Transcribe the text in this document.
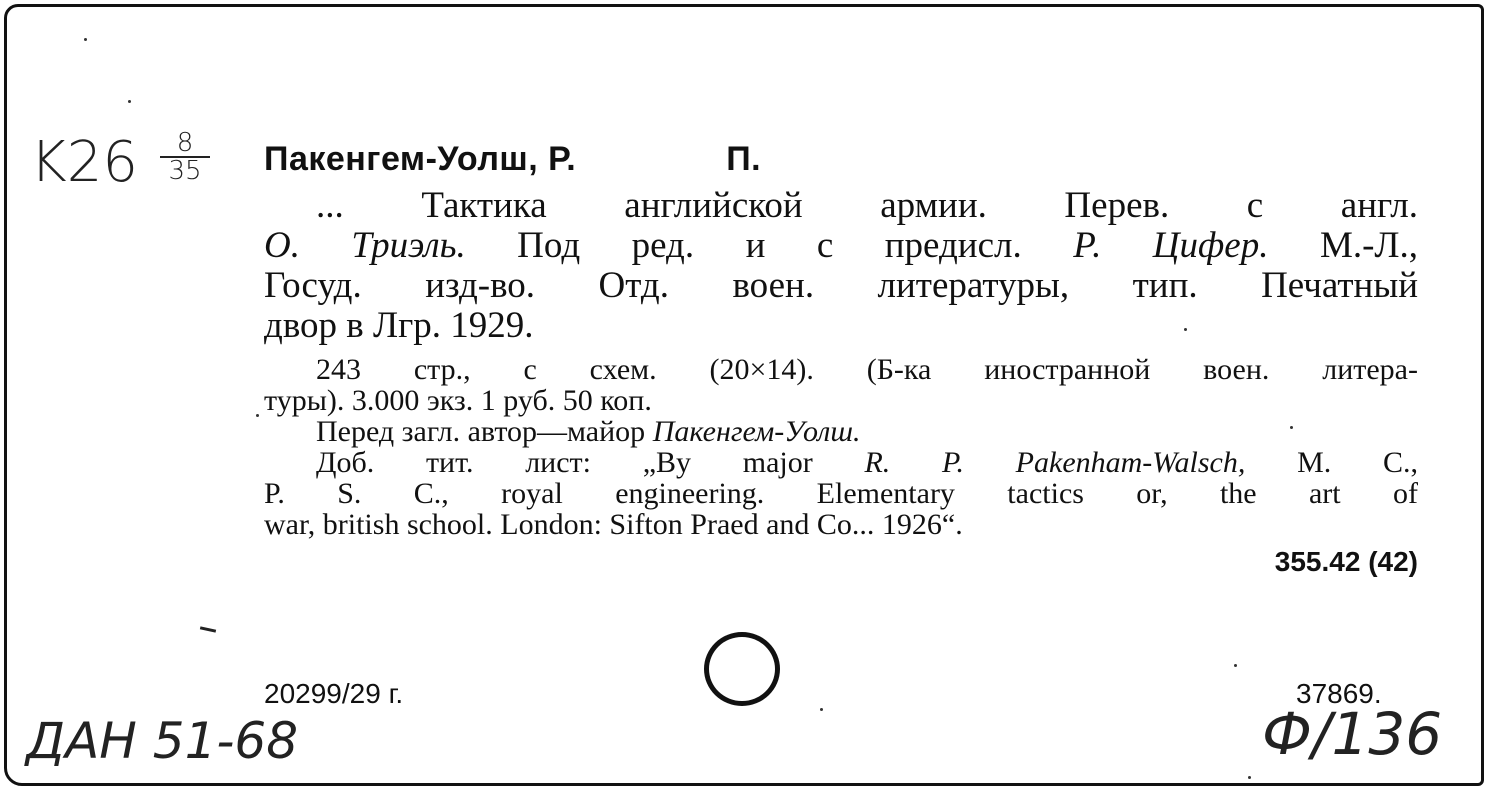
K26	8
35 Пакенгем-Уолш, Р.	П.
... Тактика английской армии. Перев. с англ.
О. Триэль. Под ред. и с предисл. Р. Цифер. М.-Л.,
Госуд. изд-во. Отд. воен. литературы, тип. Печатный
двор в Лгр. 1929.
243 стр., с схем. (20×14). (Б-ка иностранной воен. литера-
туры). 3.000 экз. 1 руб. 50 коп.
Перед загл. автор—майор Пакенгем-Уолш.
Доб. тит. лист: „By major R. P. Pakenham-Walsch, M. C.,
P. S. C., royal engineering. Elementary tactics or, the art of
war, british school. London: Sifton Praed and Co... 1926“.
355.42 (42)
20299/29 г.	37869.
ДАН 51-68	Ф/136
